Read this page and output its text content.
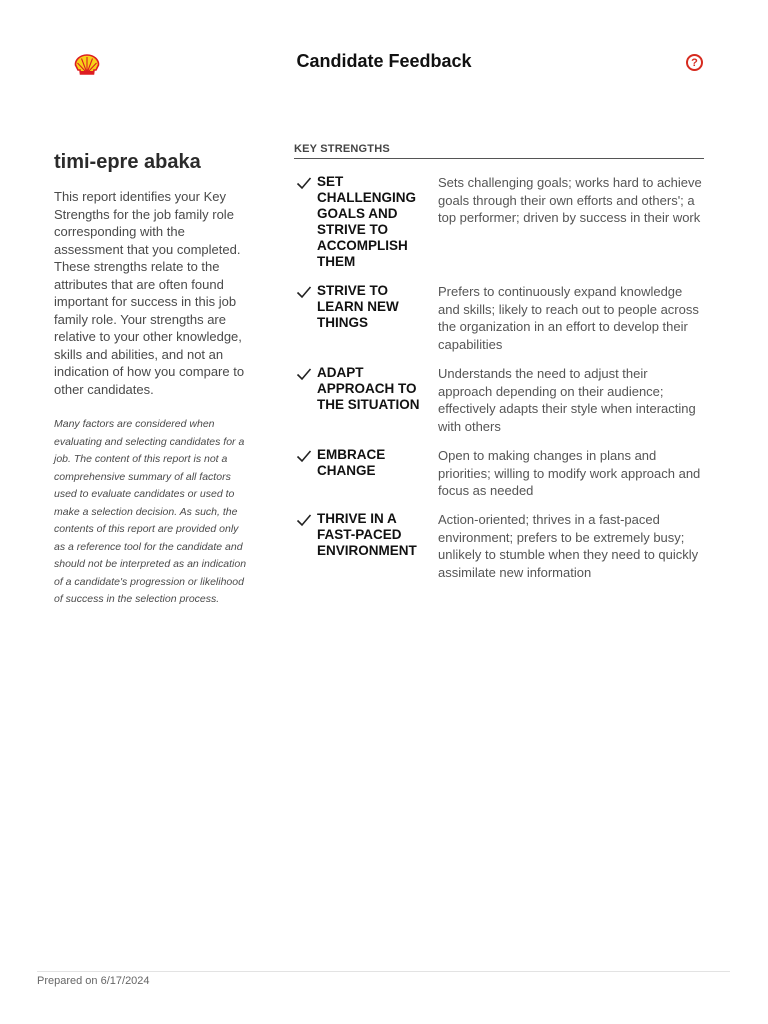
Candidate Feedback	?
timi-epre abaka

This report identifies your Key Strengths for the job family role corresponding with the assessment that you completed. These strengths relate to the attributes that are often found important for success in this job family role. Your strengths are relative to your other knowledge, skills and abilities, and not an indication of how you compare to other candidates.

Many factors are considered when evaluating and selecting candidates for a job. The content of this report is not a comprehensive summary of all factors used to evaluate candidates or used to make a selection decision. As such, the contents of this report are provided only as a reference tool for the candidate and should not be interpreted as an indication of a candidate's progression or likelihood of success in the selection process.

KEY STRENGTHS
SET CHALLENGING GOALS AND STRIVE TO ACCOMPLISH THEM
Sets challenging goals; works hard to achieve goals through their own efforts and others'; a top performer; driven by success in their work
STRIVE TO LEARN NEW THINGS
Prefers to continuously expand knowledge and skills; likely to reach out to people across the organization in an effort to develop their capabilities
ADAPT APPROACH TO THE SITUATION
Understands the need to adjust their approach depending on their audience; effectively adapts their style when interacting with others
EMBRACE CHANGE
Open to making changes in plans and priorities; willing to modify work approach and focus as needed
THRIVE IN A FAST-PACED ENVIRONMENT
Action-oriented; thrives in a fast-paced environment; prefers to be extremely busy; unlikely to stumble when they need to quickly assimilate new information
Prepared on 6/17/2024
